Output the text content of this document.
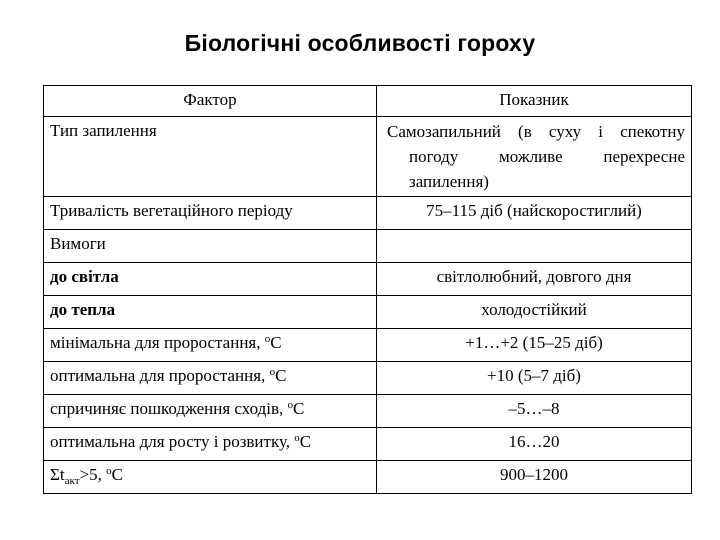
Біологічні особливості гороху
Фактор	Показник
Тип запилення	Самозапильний (в суху і спекотну погоду можливе перехресне запилення)
Тривалість вегетаційного періоду	75–115 діб (найскоростиглий)
Вимоги	
до світла	світлолюбний, довгого дня
до тепла	холодостійкий
мінімальна для проростання, $^о$С	+1…+2 (15–25 діб)
оптимальна для проростання, $^о$С	+10 (5–7 діб)
спричиняє пошкодження сходів, $^о$С	–5…–8
оптимальна для росту і розвитку, $^о$С	16…20
$\Sigma t_{акт}>5$, $^о$С	900–1200
